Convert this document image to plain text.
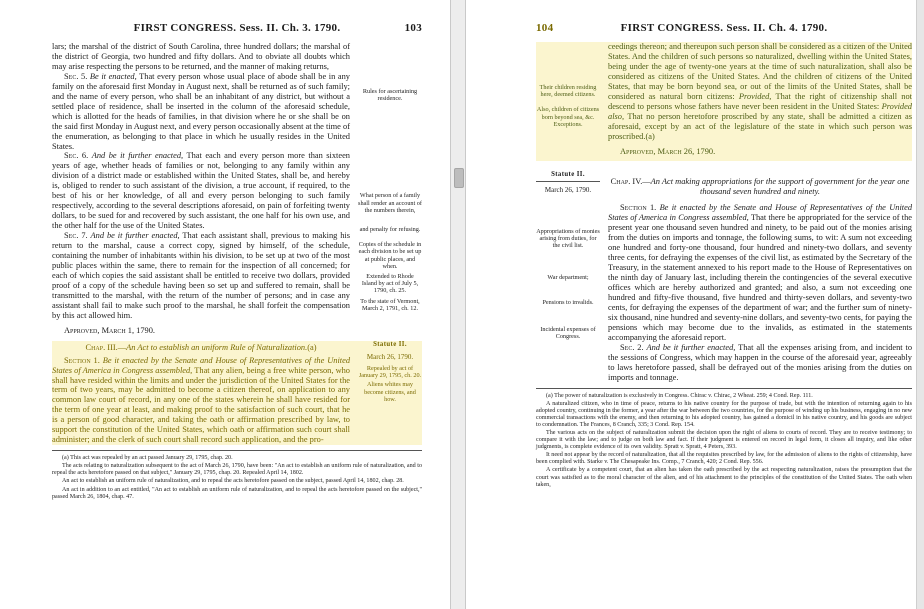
FIRST CONGRESS. Sess. II. Ch. 3. 1790.	103

lars; the marshal of the district of South Carolina, three hundred dollars; the marshal of the district of Georgia, two hundred and fifty dollars. And to obviate all doubts which may arise respecting the persons to be returned, and the manner of making returns,

Sec. 5. Be it enacted, That every person whose usual place of abode shall be in any family on the aforesaid first Monday in August next, shall be returned as of such family; and the name of every person, who shall be an inhabitant of any district, but without a settled place of residence, shall be inserted in the column of the aforesaid schedule, which is allotted for the heads of families, in that division where he or she shall be on the said first Monday in August next, and every person occasionally absent at the time of the enumeration, as belonging to that place in which he usually resides in the United States.

Sec. 6. And be it further enacted, That each and every person more than sixteen years of age, whether heads of families or not, belonging to any family within any division of a district made or established within the United States, shall be, and hereby is, obliged to render to such assistant of the division, a true account, if required, to the best of his or her knowledge, of all and every person belonging to such family respectively, according to the several descriptions aforesaid, on pain of forfeiting twenty dollars, to be sued for and recovered by such assistant, the one half for his own use, and the other half for the use of the United States.

Sec. 7. And be it further enacted, That each assistant shall, previous to making his return to the marshal, cause a correct copy, signed by himself, of the schedule, containing the number of inhabitants within his division, to be set up at two of the most public places within the same, there to remain for the inspection of all concerned; for each of which copies the said assistant shall be entitled to receive two dollars, provided proof of a copy of the schedule having been so set up and suffered to remain, shall be transmitted to the marshal, with the return of the number of persons; and in case any assistant shall fail to make such proof to the marshal, he shall forfeit the compensation by this act allowed him.

Approved, March 1, 1790.

Rules for ascertaining residence.

What person of a family shall render an account of the numbers therein,

and penalty for refusing.

Copies of the schedule in each division to be set up at public places, and when.

Extended to Rhode Island by act of July 5, 1790, ch. 25.

To the state of Vermont, March 2, 1791, ch. 12.

Chap. III.—An Act to establish an uniform Rule of Naturalization.(a)

Section 1. Be it enacted by the Senate and House of Representatives of the United States of America in Congress assembled, That any alien, being a free white person, who shall have resided within the limits and under the jurisdiction of the United States for the term of two years, may be admitted to become a citizen thereof, on application to any common law court of record, in any one of the states wherein he shall have resided for the term of one year at least, and making proof to the satisfaction of such court, that he is a person of good character, and taking the oath or affirmation prescribed by law, to support the constitution of the United States, which oath or affirmation such court shall administer; and the clerk of such court shall record such application, and the pro-

Statute II.

March 26, 1790.

Repealed by act of January 29, 1795, ch. 20.

Aliens whites may become citizens, and how.

(a) This act was repealed by an act passed January 29, 1795, chap. 20.

The acts relating to naturalization subsequent to the act of March 26, 1790, have been: "An act to establish an uniform rule of naturalization, and to repeal the acts heretofore passed on that subject," January 29, 1795, chap. 20. Repealed April 14, 1802.

An act to establish an uniform rule of naturalization, and to repeal the acts heretofore passed on the subject, passed April 14, 1802, chap. 28.

An act in addition to an act entitled, "An act to establish an uniform rule of naturalization, and to repeal the acts heretofore passed on the subject," passed March 26, 1804, chap. 47.

104	FIRST CONGRESS. Sess. II. Ch. 4. 1790.

Their children residing here, deemed citizens.

Also, children of citizens born beyond sea, &c. Exceptions.

ceedings thereon; and thereupon such person shall be considered as a citizen of the United States. And the children of such persons so naturalized, dwelling within the United States, being under the age of twenty-one years at the time of such naturalization, shall also be considered as citizens of the United States. And the children of citizens of the United States, that may be born beyond sea, or out of the limits of the United States, shall be considered as natural born citizens: Provided, That the right of citizenship shall not descend to persons whose fathers have never been resident in the United States: Provided also, That no person heretofore proscribed by any state, shall be admitted a citizen as aforesaid, except by an act of the legislature of the state in which such person was proscribed.(a)

Approved, March 26, 1790.

Statute II.

March 26, 1790.

Appropriations of monies arising from duties, for the civil list.

War department;

Pensions to invalids.

Incidental expenses of Congress.

Chap. IV.—An Act making appropriations for the support of government for the year one thousand seven hundred and ninety.

Section 1. Be it enacted by the Senate and House of Representatives of the United States of America in Congress assembled, That there be appropriated for the service of the present year one thousand seven hundred and ninety, to be paid out of the monies arising from the duties on imports and tonnage, the following sums, to wit: A sum not exceeding one hundred and forty-one thousand, four hundred and ninety-two dollars, and seventy three cents, for defraying the expenses of the civil list, as estimated by the Secretary of the Treasury, in the statement annexed to his report made to the House of Representatives on the ninth day of January last, including therein the contingencies of the several executive offices which are hereby authorized and granted; and also, a sum not exceeding one hundred and fifty-five thousand, five hundred and thirty-seven dollars, and seventy-two cents, for defraying the expenses of the department of war; and the further sum of ninety-six thousand, nine hundred and seventy-nine dollars, and seventy-two cents, for paying the pensions which may become due to the invalids, as estimated in the statements accompanying the aforesaid report.

Sec. 2. And be it further enacted, That all the expenses arising from, and incident to the sessions of Congress, which may happen in the course of the aforesaid year, agreeably to laws heretofore passed, shall be defrayed out of the monies arising from the duties on imports and tonnage.

(a) The power of naturalization is exclusively in Congress. Chirac v. Chirac, 2 Wheat. 259; 4 Cond. Rep. 111.

A naturalized citizen, who in time of peace, returns to his native country for the purpose of trade, but with the intention of returning again to his adopted country, continuing in the former, a year after the war between the two countries, for the purpose of winding up his business, engaging in no new commercial transactions with the enemy, and then returning to his adopted country, has gained a domicil in his native country, and his goods are subject to condemnation. The Frances, 8 Cranch, 335; 3 Cond. Rep. 154.

The various acts on the subject of naturalization submit the decision upon the right of aliens to courts of record. They are to receive testimony; to compare it with the law; and to judge on both law and fact. If their judgment is entered on record in legal form, it closes all inquiry, and like other judgments, is complete evidence of its own validity. Spratt v. Spratt, 4 Peters, 393.

It need not appear by the record of naturalization, that all the requisites prescribed by law, for the admission of aliens to the rights of citizenship, have been complied with. Starke v. The Chesapeake Ins. Comp., 7 Cranch, 420; 2 Cond. Rep. 556.

A certificate by a competent court, that an alien has taken the oath prescribed by the act respecting naturalization, raises the presumption that the court was satisfied as to the moral character of the alien, and of his attachment to the principles of the constitution of the United States. The oath when taken,
